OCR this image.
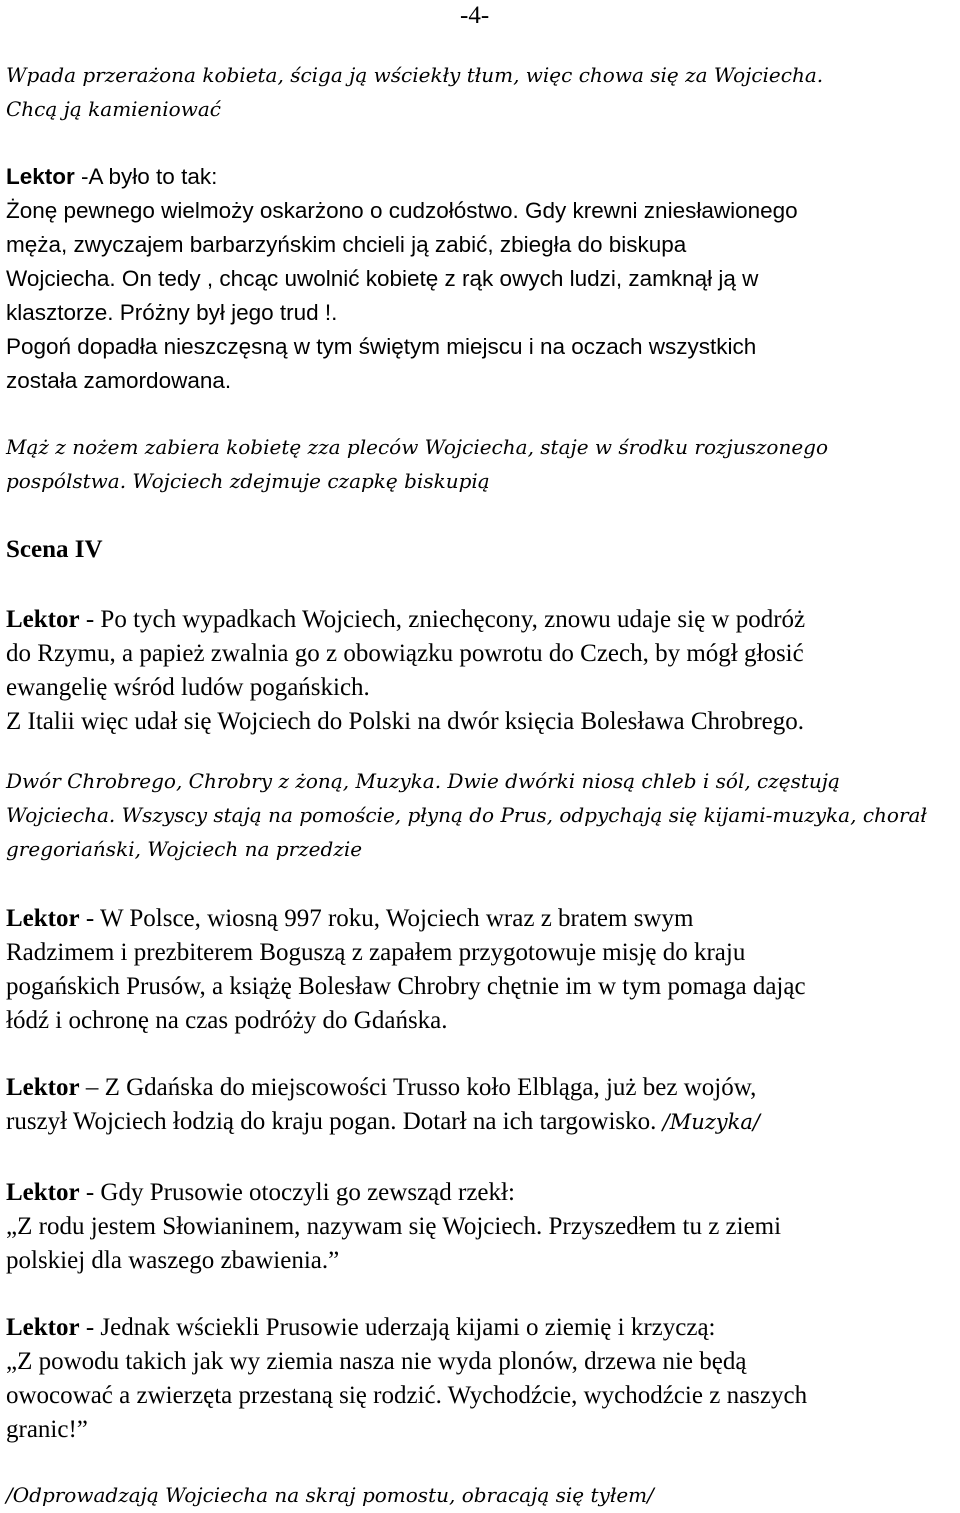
-4-
Wpada przerażona kobieta, ściga ją wściekły tłum, więc chowa się za Wojciecha.
Chcą ją kamieniować
Lektor -A było to tak:
Żonę pewnego wielmoży oskarżono o cudzołóstwo. Gdy krewni zniesławionego
męża, zwyczajem barbarzyńskim chcieli ją zabić, zbiegła do biskupa
Wojciecha. On tedy , chcąc uwolnić kobietę z rąk owych ludzi, zamknął ją w
klasztorze. Próżny był jego trud !.
Pogoń dopadła nieszczęsną w tym świętym miejscu i na oczach wszystkich
została zamordowana.
Mąż z nożem zabiera kobietę zza pleców Wojciecha, staje w środku rozjuszonego
pospólstwa. Wojciech zdejmuje czapkę biskupią
Scena IV
Lektor - Po tych wypadkach Wojciech, zniechęcony, znowu udaje się w podróż
do Rzymu, a papież zwalnia go z obowiązku powrotu do Czech, by mógł głosić
ewangelię wśród ludów pogańskich.
Z Italii więc udał się Wojciech do Polski na dwór księcia Bolesława Chrobrego.
Dwór Chrobrego, Chrobry z żoną, Muzyka. Dwie dwórki niosą chleb i sól, częstują
Wojciecha. Wszyscy stają na pomoście, płyną do Prus, odpychają się kijami-muzyka, chorał
gregoriański, Wojciech na przedzie
Lektor - W Polsce, wiosną 997 roku, Wojciech wraz z bratem swym
Radzimem i prezbiterem Boguszą z zapałem przygotowuje misję do kraju
pogańskich Prusów, a książę Bolesław Chrobry chętnie im w tym pomaga dając
łódź i ochronę na czas podróży do Gdańska.
Lektor – Z Gdańska do miejscowości Trusso koło Elbląga, już bez wojów,
ruszył Wojciech łodzią do kraju pogan. Dotarł na ich targowisko. /Muzyka/
Lektor - Gdy Prusowie otoczyli go zewsząd rzekł:
„Z rodu jestem Słowianinem, nazywam się Wojciech. Przyszedłem tu z ziemi
polskiej dla waszego zbawienia.”
Lektor - Jednak wściekli Prusowie uderzają kijami o ziemię i krzyczą:
„Z powodu takich jak wy ziemia nasza nie wyda plonów, drzewa nie będą
owocować a zwierzęta przestaną się rodzić. Wychodźcie, wychodźcie z naszych
granic!”
/Odprowadzają Wojciecha na skraj pomostu, obracają się tyłem/
